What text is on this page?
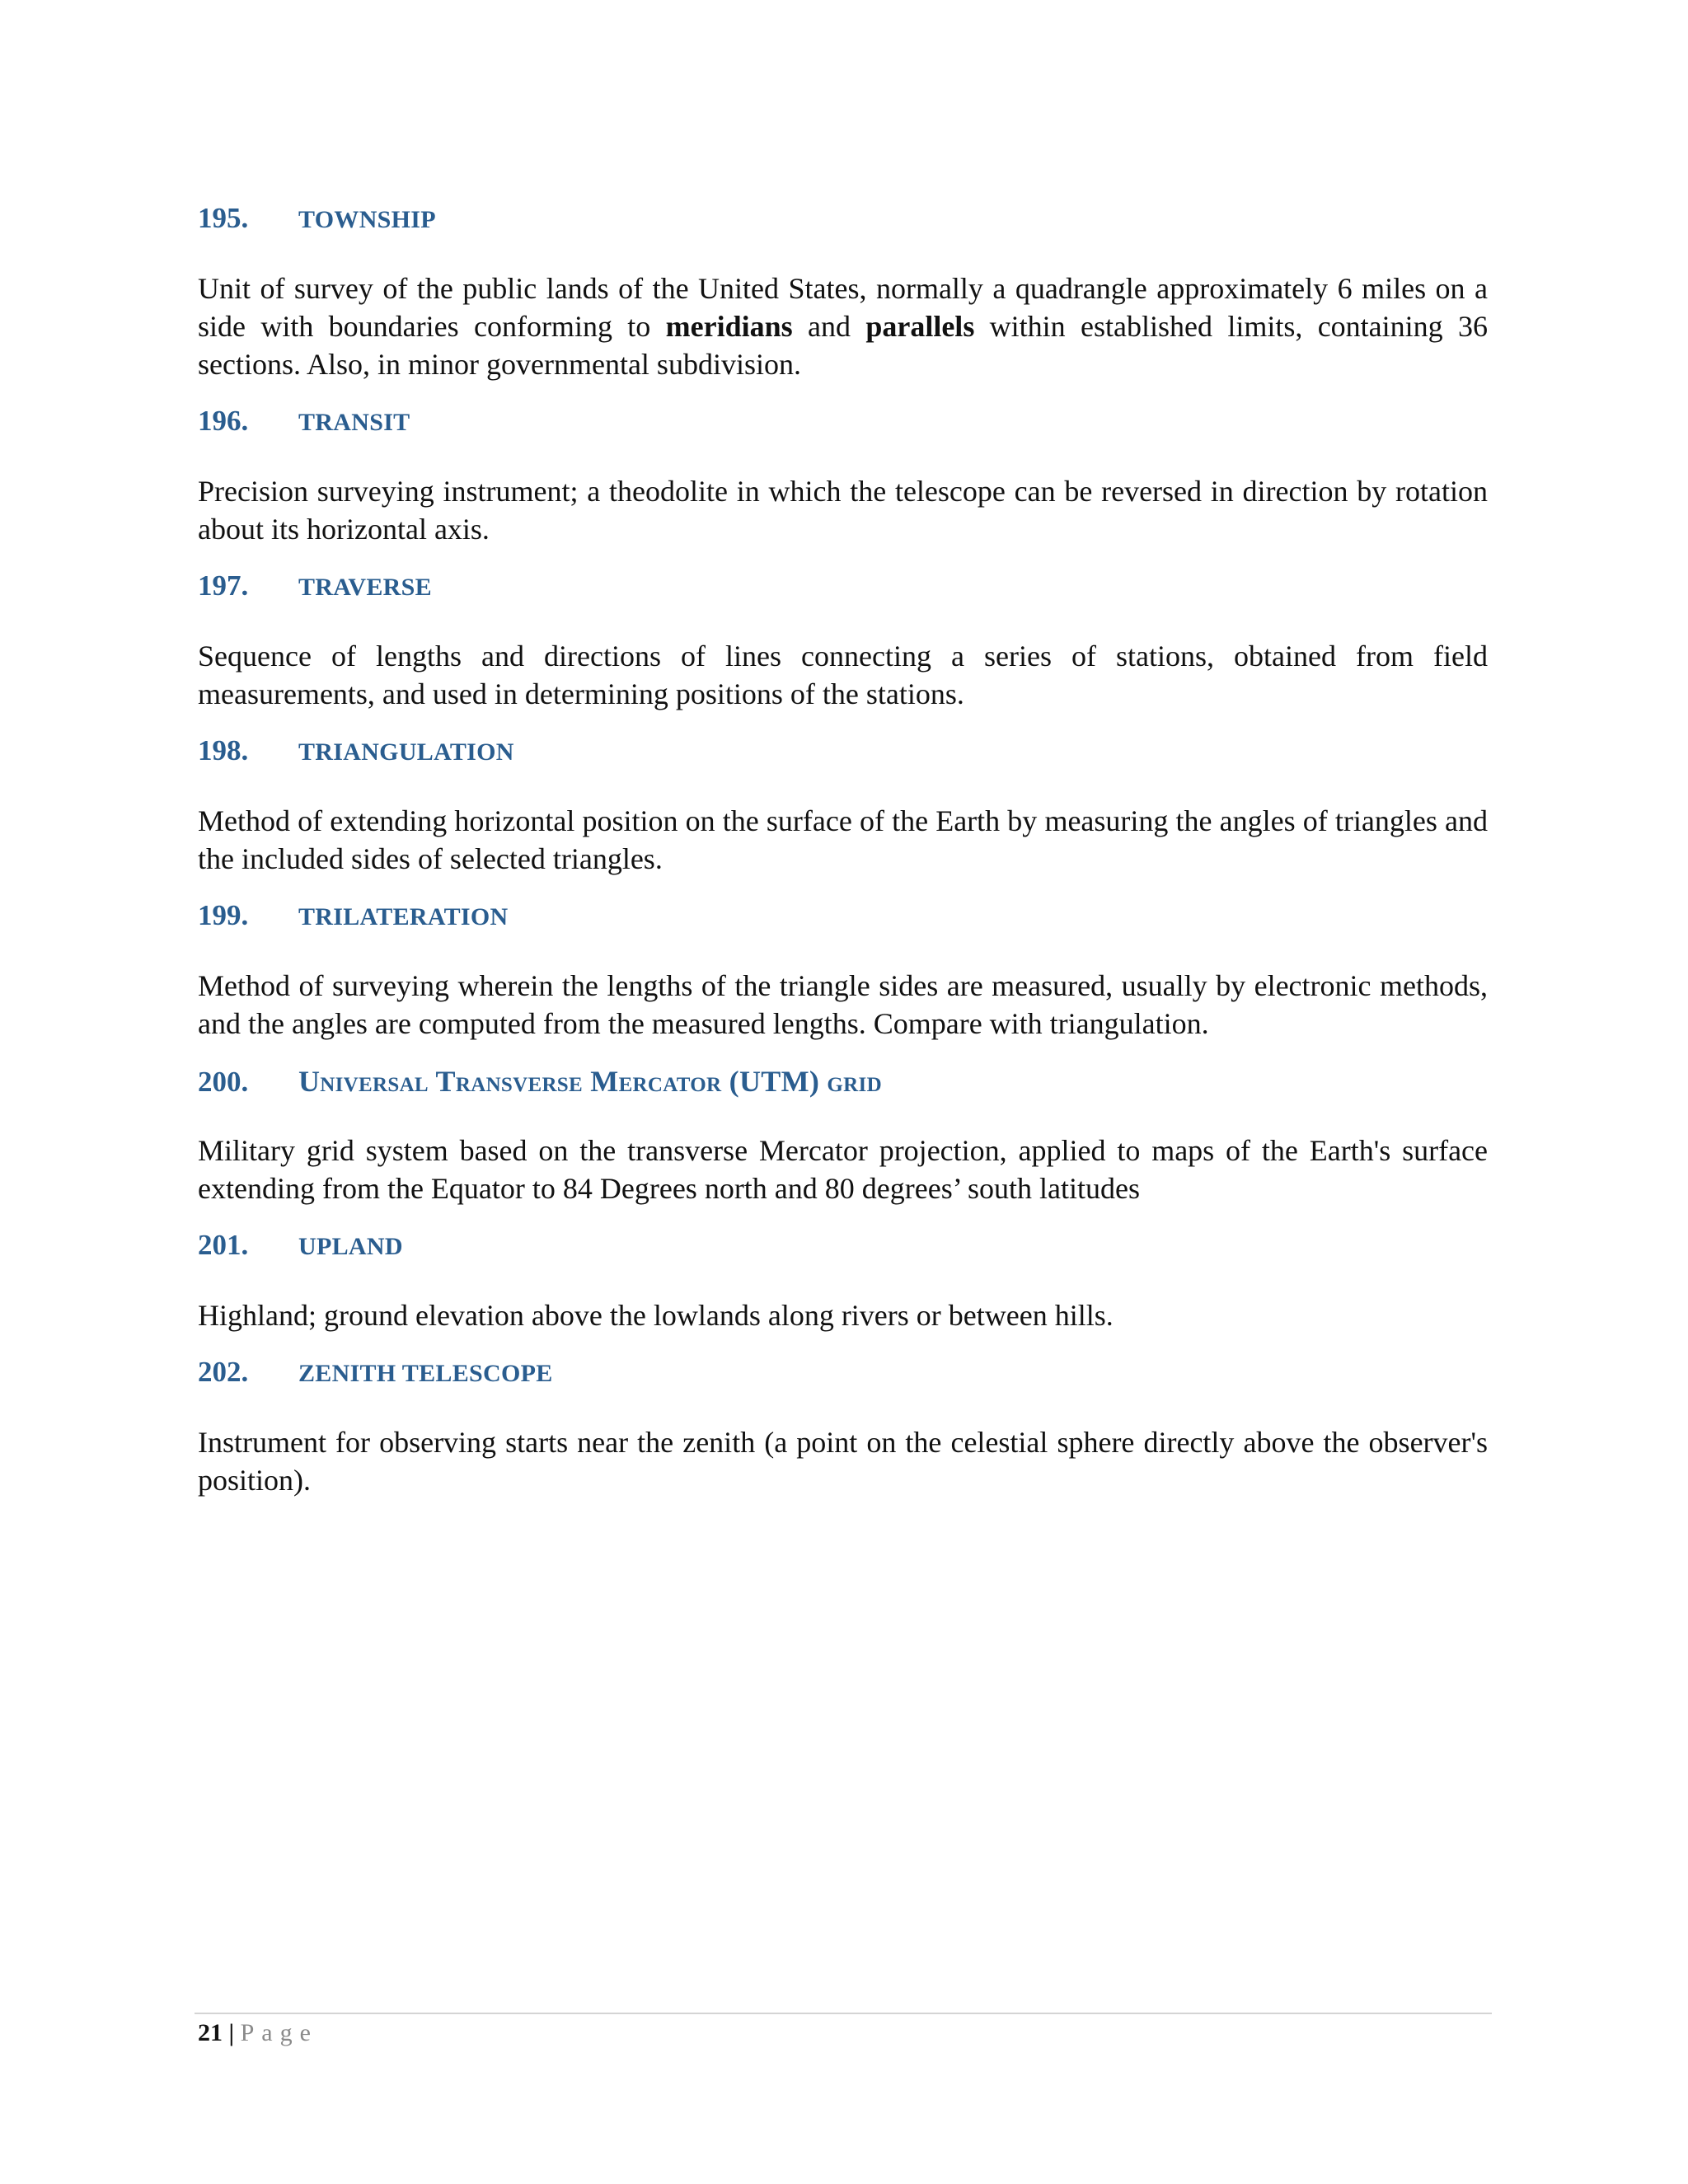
195.	TOWNSHIP

Unit of survey of the public lands of the United States, normally a quadrangle approximately 6 miles on a side with boundaries conforming to meridians and parallels within established limits, containing 36 sections. Also, in minor governmental subdivision.

196.	TRANSIT

Precision surveying instrument; a theodolite in which the telescope can be reversed in direction by rotation about its horizontal axis.

197.	TRAVERSE

Sequence of lengths and directions of lines connecting a series of stations, obtained from field measurements, and used in determining positions of the stations.

198.	TRIANGULATION

Method of extending horizontal position on the surface of the Earth by measuring the angles of triangles and the included sides of selected triangles.

199.	TRILATERATION

Method of surveying wherein the lengths of the triangle sides are measured, usually by electronic methods, and the angles are computed from the measured lengths. Compare with triangulation.

200.	Universal Transverse Mercator (UTM) grid

Military grid system based on the transverse Mercator projection, applied to maps of the Earth's surface extending from the Equator to 84 Degrees north and 80 degrees’ south latitudes

201.	UPLAND

Highland; ground elevation above the lowlands along rivers or between hills.

202.	ZENITH TELESCOPE

Instrument for observing starts near the zenith (a point on the celestial sphere directly above the observer's position).

21 | Page
